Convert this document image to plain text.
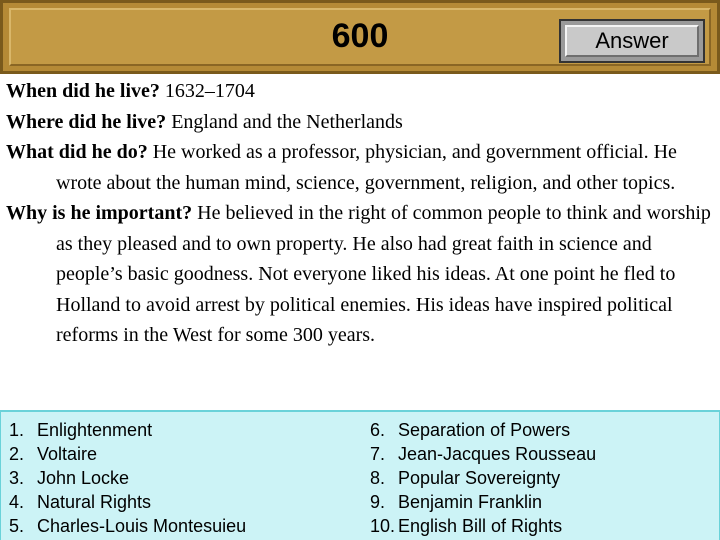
600	Answer

When did he live? 1632–1704

Where did he live? England and the Netherlands

What did he do? He worked as a professor, physician, and government official. He wrote about the human mind, science, government, religion, and other topics.

Why is he important? He believed in the right of common people to think and worship as they pleased and to own property. He also had great faith in science and people’s basic goodness. Not everyone liked his ideas. At one point he fled to Holland to avoid arrest by political enemies. His ideas have inspired political reforms in the West for some 300 years.

1. Enlightenment
2. Voltaire
3. John Locke
4. Natural Rights
5. Charles-Louis Montesuieu
6. Separation of Powers
7. Jean-Jacques Rousseau
8. Popular Sovereignty
9. Benjamin Franklin
10. English Bill of Rights
